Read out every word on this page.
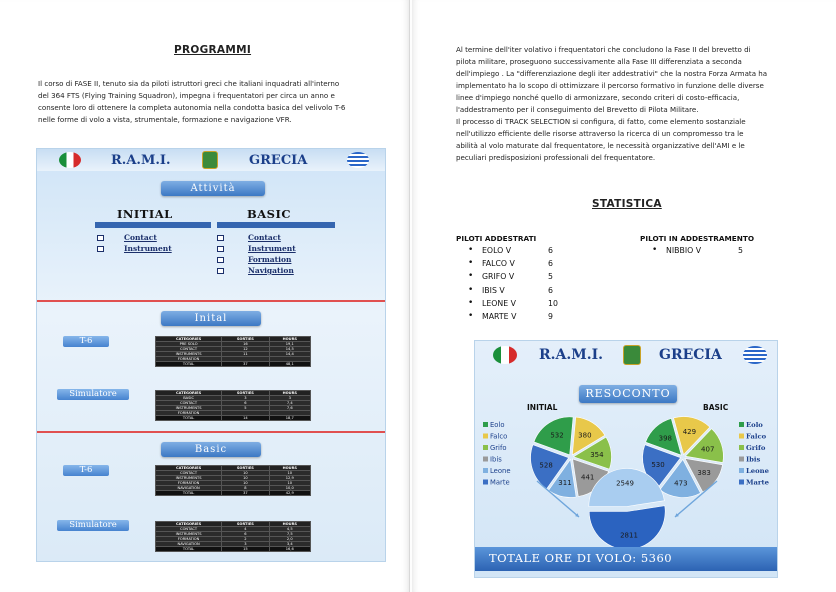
PROGRAMMI
Il corso di FASE II, tenuto sia da piloti istruttori greci che italiani inquadrati all'interno
del 364 FTS (Flying Training Squadron), impegna i frequentatori per circa un anno e
consente loro di ottenere la completa autonomia nella condotta basica del velivolo T-6
nelle forme di volo a vista, strumentale, formazione e navigazione VFR.
R.A.M.I.	GRECIA
Attività
INITIAL	BASIC
Contact
Instrument
Contact
Instrument
Formation
Navigation
Inital
T-6	CATEGORIES	SORTIES	HOURS
PRE SOLO	16	19,1
CONTACT	12	14,5
INSTRUMENTS	11	14,4
FORMATION		
TOTAL	37	48,1
Simulatore	CATEGORIES	SORTIES	HOURS
BASIC	3	3
CONTACT	6	7,4
INSTRUMENTS	5	7,6
FORMATION		
TOTAL	14	18,7
Basic
T-6	CATEGORIES	SORTIES	HOURS
CONTACT	10	10
INSTRUMENTS	10	12,9
FORMATION	10	10
NAVIGATION	8	10,0
TOTAL	37	42,9
Simulatore	CATEGORIES	SORTIES	HOURS
CONTACT	4	4,5
INSTRUMENTS	6	7,5
FORMATION	2	2,0
NAVIGATION	3	3,4
TOTAL	15	16,6
Al termine dell'iter volativo i frequentatori che concludono la Fase II del brevetto di
pilota militare, proseguono successivamente alla Fase III differenziata a seconda
dell'impiego . La "differenziazione degli iter addestrativi" che la nostra Forza Armata ha
implementato ha lo scopo di ottimizzare il percorso formativo in funzione delle diverse
linee d'impiego nonché quello di armonizzare, secondo criteri di costo-efficacia,
l'addestramento per il conseguimento del Brevetto di Pilota Militare.
Il processo di TRACK SELECTION si configura, di fatto, come elemento sostanziale
nell'utilizzo efficiente delle risorse attraverso la ricerca di un compromesso tra le
abilità al volo maturate dal frequentatore, le necessità organizzative dell'AMI e le
peculiari predisposizioni professionali del frequentatore.
STATISTICA
PILOTI ADDESTRATI	PILOTI IN ADDESTRAMENTO
• EOLO V	6
• FALCO V	6
• GRIFO V	5
• IBIS V	6
• LEONE V	10
• MARTE V	9
• NIBBIO V	5
R.A.M.I.	GRECIA
RESOCONTO
INITIAL	BASIC
532 380
354
441
311
528
398
429
407
383
473
530
2549
2811
Eolo
Falco
Grifo
Ibis
Leone
Marte
Eolo
Falco
Grifo
Ibis
Leone
Marte
TOTALE ORE DI VOLO: 5360
